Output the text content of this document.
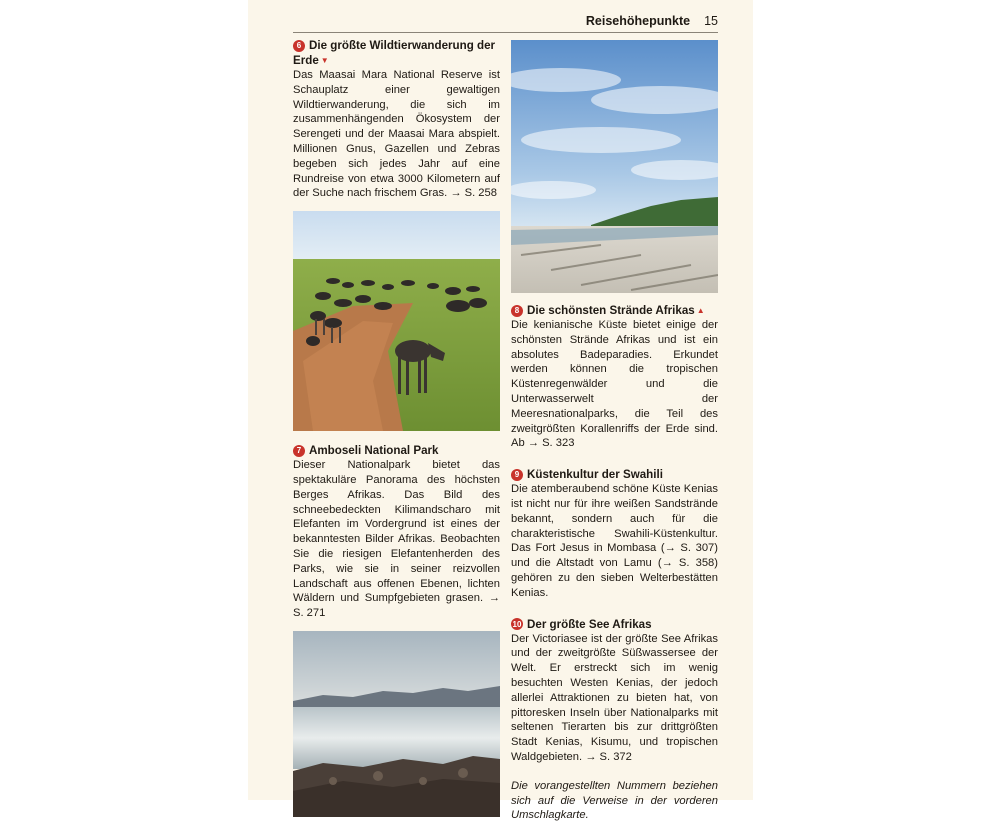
Reisehöhepunkte 15
6 Die größte Wildtierwanderung der Erde ▼

Das Maasai Mara National Reserve ist Schauplatz einer gewaltigen Wildtierwanderung, die sich im zusammenhängenden Ökosystem der Serengeti und der Maasai Mara abspielt. Millionen Gnus, Gazellen und Zebras begeben sich jedes Jahr auf eine Rundreise von etwa 3000 Kilometern auf der Suche nach frischem Gras. → S. 258

7 Amboseli National Park

Dieser Nationalpark bietet das spektakuläre Panorama des höchsten Berges Afrikas. Das Bild des schneebedeckten Kilimandscharo mit Elefanten im Vordergrund ist eines der bekanntesten Bilder Afrikas. Beobachten Sie die riesigen Elefantenherden des Parks, wie sie in seiner reizvollen Landschaft aus offenen Ebenen, lichten Wäldern und Sumpfgebieten grasen. → S. 271

8 Die schönsten Strände Afrikas ▲

Die kenianische Küste bietet einige der schönsten Strände Afrikas und ist ein absolutes Badeparadies. Erkundet werden können die tropischen Küstenregenwälder und die Unterwasserwelt der Meeresnationalparks, die Teil des zweitgrößten Korallenriffs der Erde sind. Ab → S. 323

9 Küstenkultur der Swahili

Die atemberaubend schöne Küste Kenias ist nicht nur für ihre weißen Sandstrände bekannt, sondern auch für die charakteristische Swahili-Küstenkultur. Das Fort Jesus in Mombasa (→ S. 307) und die Altstadt von Lamu (→ S. 358) gehören zu den sieben Welterbestätten Kenias.

10 Der größte See Afrikas

Der Victoriasee ist der größte See Afrikas und der zweitgrößte Süßwassersee der Welt. Er erstreckt sich im wenig besuchten Westen Kenias, der jedoch allerlei Attraktionen zu bieten hat, von pittoresken Inseln über Nationalparks mit seltenen Tierarten bis zur drittgrößten Stadt Kenias, Kisumu, und tropischen Waldgebieten. → S. 372

Die vorangestellten Nummern beziehen sich auf die Verweise in der vorderen Umschlagkarte.
